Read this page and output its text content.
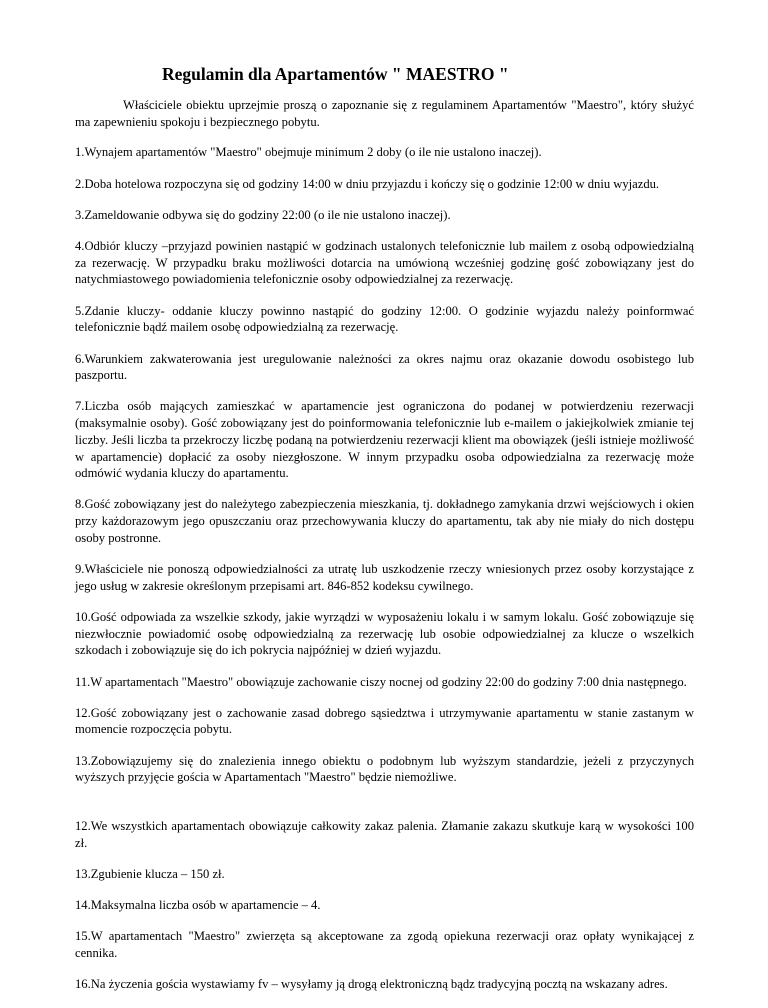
Regulamin dla Apartamentów " MAESTRO "

Właściciele obiektu uprzejmie proszą o zapoznanie się z regulaminem Apartamentów "Maestro", który służyć ma zapewnieniu spokoju i bezpiecznego pobytu.

1.Wynajem apartamentów "Maestro" obejmuje minimum 2 doby (o ile nie ustalono inaczej).

2.Doba hotelowa rozpoczyna się od godziny 14:00 w dniu przyjazdu i kończy się o godzinie 12:00 w dniu wyjazdu.

3.Zameldowanie odbywa się do godziny 22:00 (o ile nie ustalono inaczej).

4.Odbiór kluczy –przyjazd powinien nastąpić w godzinach ustalonych telefonicznie lub mailem z osobą odpowiedzialną za rezerwację. W przypadku braku możliwości dotarcia na umówioną wcześniej godzinę gość zobowiązany jest do natychmiastowego powiadomienia telefonicznie osoby odpowiedzialnej za rezerwację.

5.Zdanie kluczy- oddanie kluczy powinno nastąpić do godziny 12:00. O godzinie wyjazdu należy poinformwać telefonicznie bądź mailem osobę odpowiedzialną za rezerwację.

6.Warunkiem zakwaterowania jest uregulowanie należności za okres najmu oraz okazanie dowodu osobistego lub paszportu.

7.Liczba osób mających zamieszkać w apartamencie jest ograniczona do podanej w potwierdzeniu rezerwacji (maksymalnie osoby). Gość zobowiązany jest do poinformowania telefonicznie lub e-mailem o jakiejkolwiek zmianie tej liczby. Jeśli liczba ta przekroczy liczbę podaną na potwierdzeniu rezerwacji klient ma obowiązek (jeśli istnieje możliwość w apartamencie) dopłacić za osoby niezgłoszone. W innym przypadku osoba odpowiedzialna za rezerwację może odmówić wydania kluczy do apartamentu.

8.Gość zobowiązany jest do należytego zabezpieczenia mieszkania, tj. dokładnego zamykania drzwi wejściowych i okien przy każdorazowym jego opuszczaniu oraz przechowywania kluczy do apartamentu, tak aby nie miały do nich dostępu osoby postronne.

9.Właściciele nie ponoszą odpowiedzialności za utratę lub uszkodzenie rzeczy wniesionych przez osoby korzystające z jego usług w zakresie określonym przepisami art. 846-852 kodeksu cywilnego.

10.Gość odpowiada za wszelkie szkody, jakie wyrządzi w wyposażeniu lokalu i w samym lokalu. Gość zobowiązuje się niezwłocznie powiadomić osobę odpowiedzialną za rezerwację lub osobie odpowiedzialnej za klucze o wszelkich szkodach i zobowiązuje się do ich pokrycia najpóźniej w dzień wyjazdu.

11.W apartamentach "Maestro" obowiązuje zachowanie ciszy nocnej od godziny 22:00 do godziny 7:00 dnia następnego.

12.Gość zobowiązany jest o zachowanie zasad dobrego sąsiedztwa i utrzymywanie apartamentu w stanie zastanym w momencie rozpoczęcia pobytu.

13.Zobowiązujemy się do znalezienia innego obiektu o podobnym lub wyższym standardzie, jeżeli z przyczynych wyższych przyjęcie gościa w Apartamentach "Maestro" będzie niemożliwe.

12.We wszystkich apartamentach obowiązuje całkowity zakaz palenia. Złamanie zakazu skutkuje karą w wysokości 100 zł.

13.Zgubienie klucza – 150 zł.

14.Maksymalna liczba osób w apartamencie – 4.

15.W apartamentach "Maestro" zwierzęta są akceptowane za zgodą opiekuna rezerwacji oraz opłaty wynikającej z cennika.

16.Na życzenia gościa wystawiamy fv – wysyłamy ją drogą elektroniczną bądz tradycyjną pocztą na wskazany adres.
